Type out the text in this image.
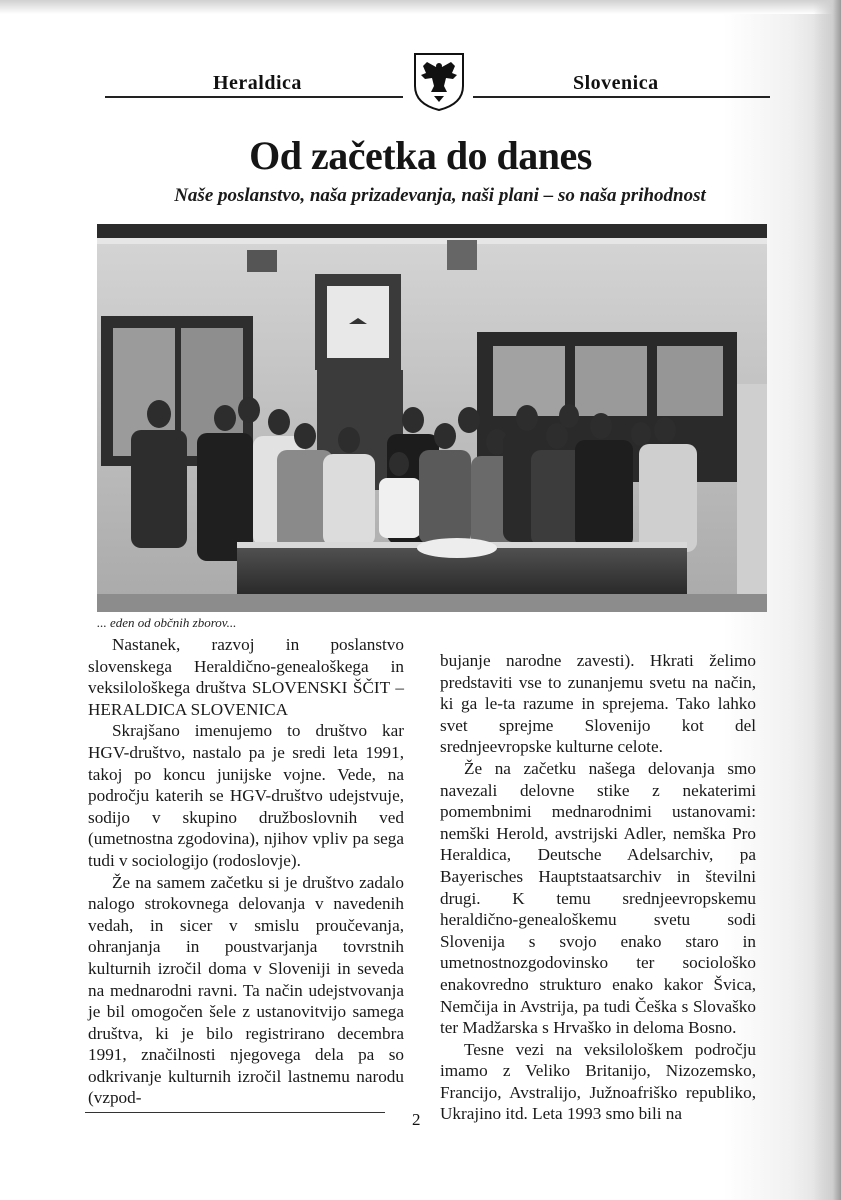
Heraldica	Slovenica
Od začetka do danes
Naše poslanstvo, naša prizadevanja, naši plani – so naša prihodnost
... eden od občnih zborov...

Nastanek, razvoj in poslanstvo slovenskega Heraldično-genealoškega in veksilološkega društva SLOVENSKI ŠČIT – HERALDICA SLOVENICA

Skrajšano imenujemo to društvo kar HGV-društvo, nastalo pa je sredi leta 1991, takoj po koncu junijske vojne. Vede, na področju katerih se HGV-društvo udejstvuje, sodijo v skupino družboslovnih ved (umetnostna zgodovina), njihov vpliv pa sega tudi v sociologijo (rodoslovje).

Že na samem začetku si je društvo zadalo nalogo strokovnega delovanja v navedenih vedah, in sicer v smislu proučevanja, ohranjanja in poustvarjanja tovrstnih kulturnih izročil doma v Sloveniji in seveda na mednarodni ravni. Ta način udejstvovanja je bil omogočen šele z ustanovitvijo samega društva, ki je bilo registrirano decembra 1991, značilnosti njegovega dela pa so odkrivanje kulturnih izročil lastnemu narodu (vzpod-

bujanje narodne zavesti). Hkrati želimo predstaviti vse to zunanjemu svetu na način, ki ga le-ta razume in sprejema. Tako lahko svet sprejme Slovenijo kot del srednjeevropske kulturne celote.

Že na začetku našega delovanja smo navezali delovne stike z nekaterimi pomembnimi mednarodnimi ustanovami: nemški Herold, avstrijski Adler, nemška Pro Heraldica, Deutsche Adelsarchiv, pa Bayerisches Hauptstaatsarchiv in številni drugi. K temu srednjeevropskemu heraldično-genealoškemu svetu sodi Slovenija s svojo enako staro in umetnostnozgodovinsko ter sociološko enakovredno strukturo enako kakor Švica, Nemčija in Avstrija, pa tudi Češka s Slovaško ter Madžarska s Hrvaško in deloma Bosno.

Tesne vezi na veksilološkem področju imamo z Veliko Britanijo, Nizozemsko, Francijo, Avstralijo, Južnoafriško republiko, Ukrajino itd. Leta 1993 smo bili na

2
